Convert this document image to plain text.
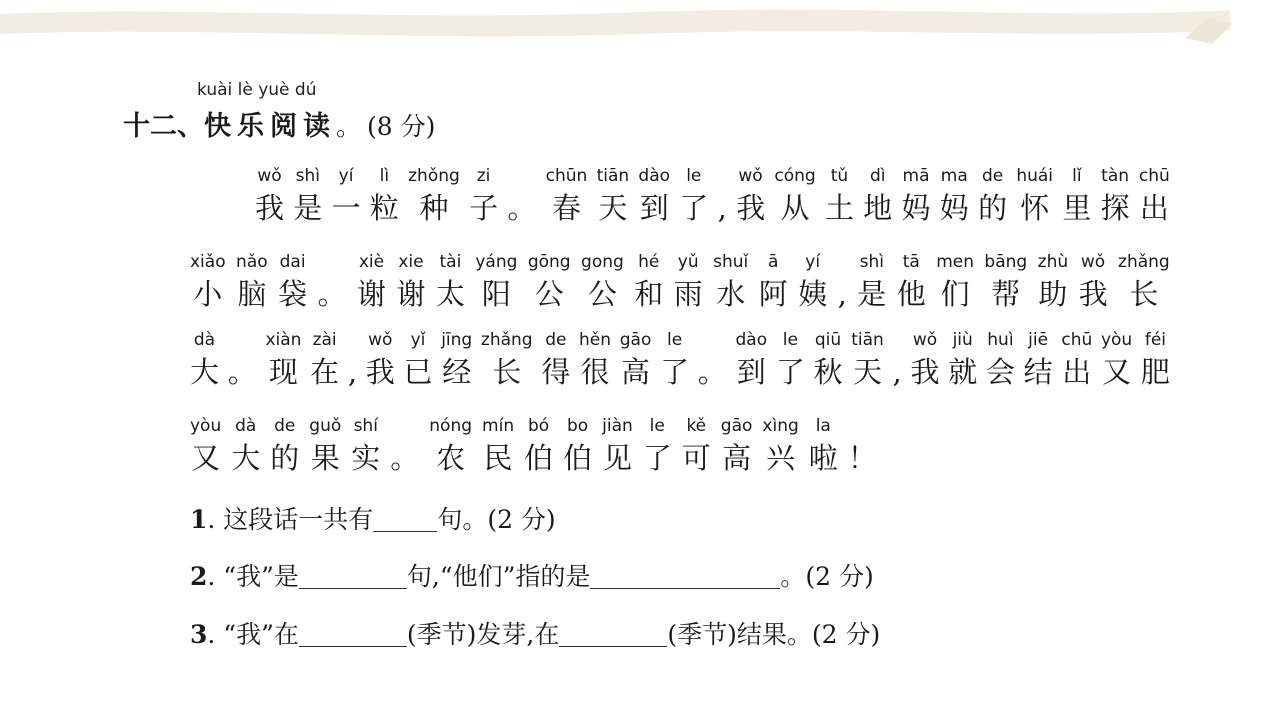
kuài lè yuè dú
十二、 快乐阅读 。 (8 分)
wǒ
我
shì
是
yí
一
lì
粒
zhǒng
种
zi
子 。
chūn
春
tiān
天
dào
到
le
了 ,
wǒ
我
cóng
从
tǔ
土
dì
地
mā
妈
ma
妈
de
的
huái
怀
lǐ
里
tàn
探
chū
出
xiǎo
小
nǎo
脑
dai
袋 。
xiè
谢
xie
谢
tài
太
yáng
阳
gōng
公
gong
公
hé
和
yǔ
雨
shuǐ
水
ā
阿
yí
姨 ,
shì
是
tā
他
men
们
bāng
帮
zhù
助
wǒ
我
zhǎng
长
dà
大 。
xiàn
现
zài
在 ,
wǒ
我
yǐ
已
jīng
经
zhǎng
长
de
得
hěn
很
gāo
高
le
了 。
dào
到
le
了
qiū
秋
tiān
天 ,
wǒ
我
jiù
就
huì
会
jiē
结
chū
出
yòu
又
féi
肥
yòu
又
dà
大
de
的
guǒ
果
shí
实 。
nóng
农
mín
民
bó
伯
bo
伯
jiàn
见
le
了
kě
可
gāo
高
xìng
兴
la
啦 ！
1. 这段话一共有	句。(2 分)
2. “我”是	句,“他们”指的是	。(2 分)
3. “我”在	(季节)发芽,在	(季节)结果。(2 分)
